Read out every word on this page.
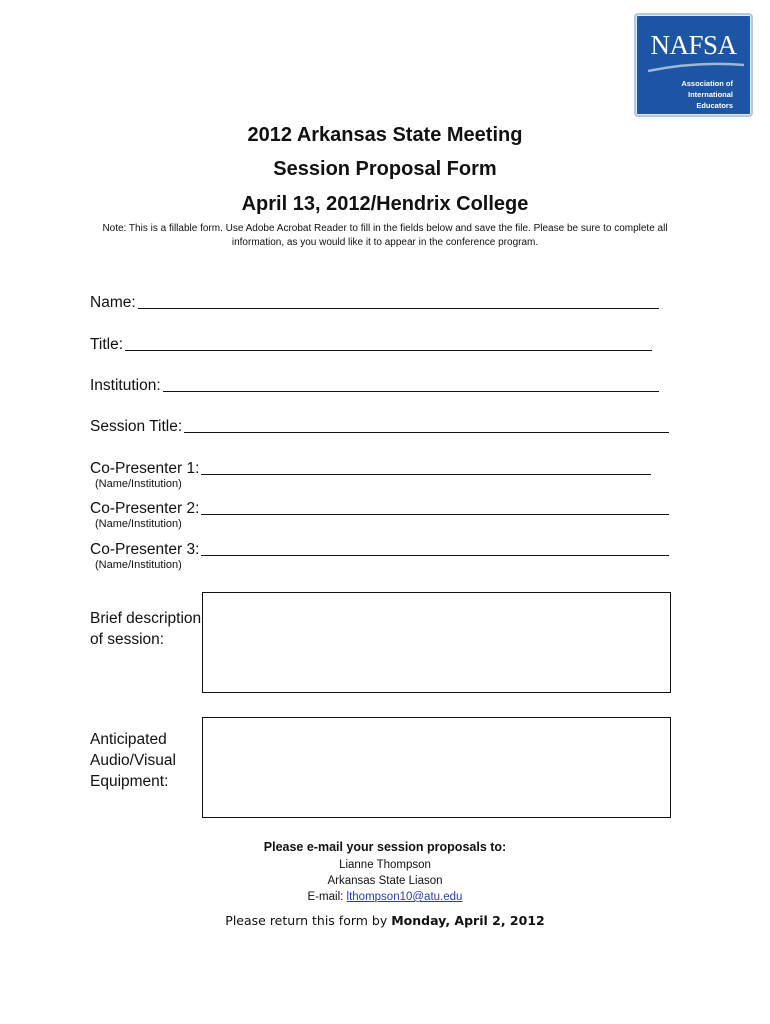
NAFSA
Association of
International Educators
2012 Arkansas State Meeting
Session Proposal Form
April 13, 2012/Hendrix College
Note: This is a fillable form. Use Adobe Acrobat Reader to fill in the fields below and save the file. Please be sure to complete all information, as you would like it to appear in the conference program.
Name:
Title:
Institution:
Session Title:
Co-Presenter 1:
(Name/Institution)
Co-Presenter 2:
(Name/Institution)
Co-Presenter 3:
(Name/Institution)
Brief description
of session:
Anticipated
Audio/Visual
Equipment:
Please e-mail your session proposals to:
Lianne Thompson
Arkansas State Liason
E-mail: lthompson10@atu.edu
Please return this form by Monday, April 2, 2012
